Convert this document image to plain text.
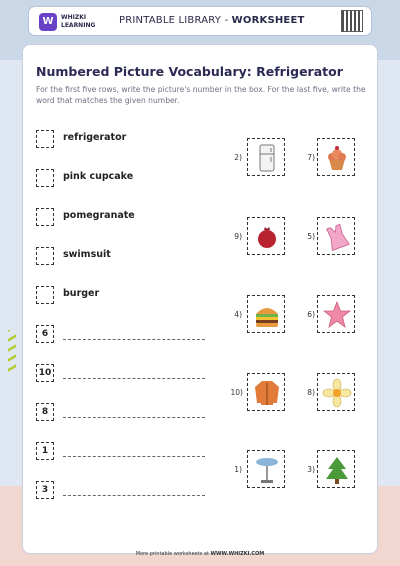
W	WHIZKI
LEARNING PRINTABLE LIBRARY - WORKSHEET
Numbered Picture Vocabulary: Refrigerator
For the first five rows, write the picture's number in the box. For the last five, write the word that matches the given number.
refrigerator
pink cupcake
pomegranate
swimsuit
burger
6
10
8
1
3
2)	7)
9)	5)
4)	6)
10)	8)
1)	3)
More printable worksheets at WWW.WHIZKI.COM
